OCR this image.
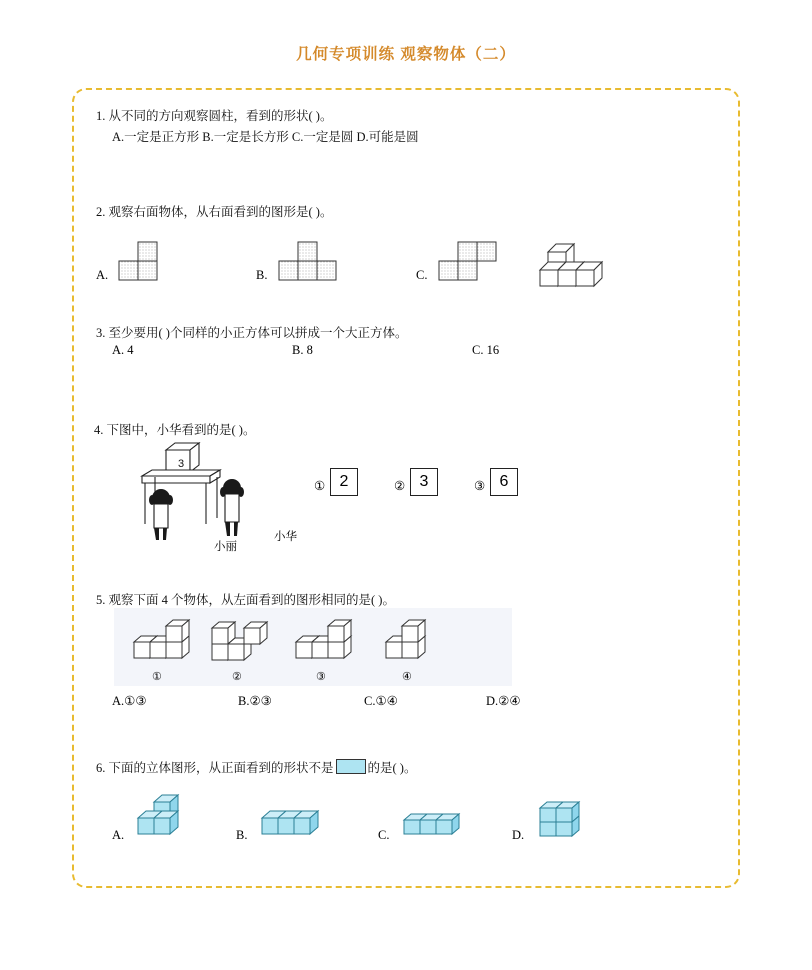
几何专项训练 观察物体（二）
1. 从不同的方向观察圆柱，看到的形状( )。
A.一定是正方形 B.一定是长方形 C.一定是圆 D.可能是圆
2. 观察右面物体，从右面看到的图形是( )。
A.	B.	C.
3. 至少要用( )个同样的小正方体可以拼成一个大正方体。
A. 4	B. 8	C. 16
4. 下图中，小华看到的是( )。
3
小丽
小华
① 2	② 3	③ 6
5. 观察下面 4 个物体，从左面看到的图形相同的是( )。
①	②	③	④
A.①③	B.②③	C.①④	D.②④
6. 下面的立体图形，从正面看到的形状不是	的是( )。
A.	B.	C.	D.
